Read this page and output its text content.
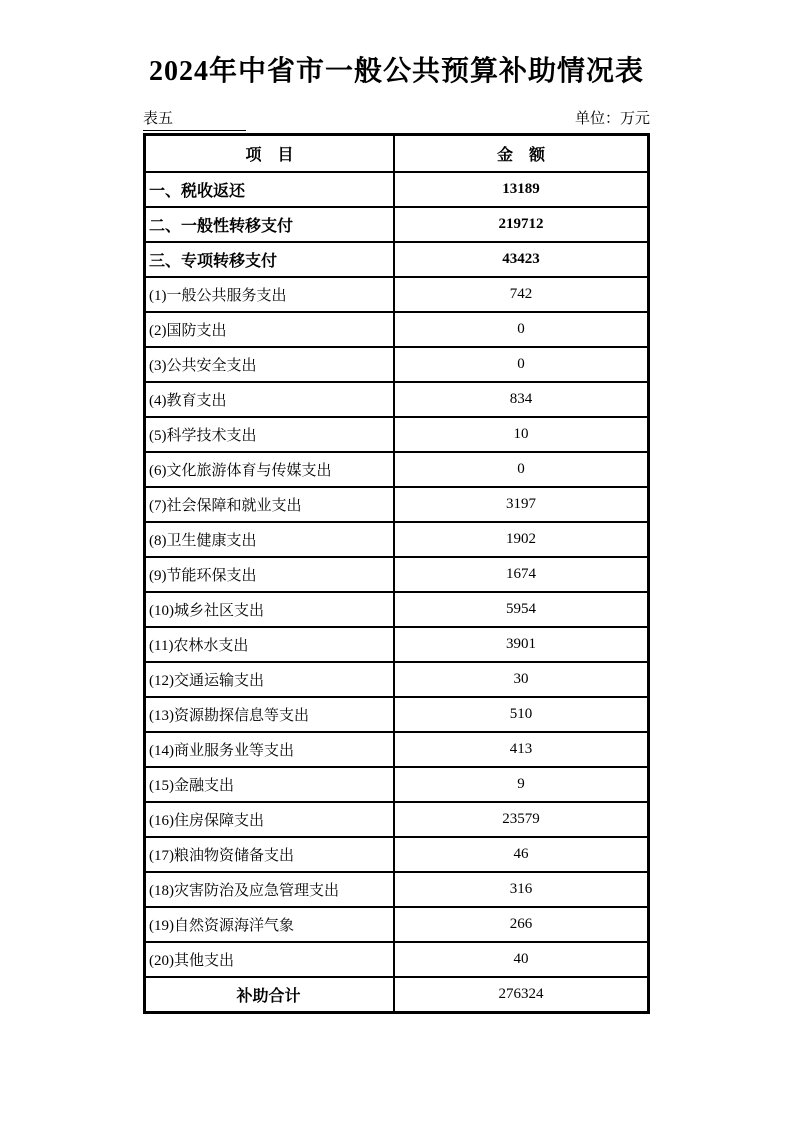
2024年中省市一般公共预算补助情况表
表五	单位：万元
项　目	金　额
一、税收返还	13189
二、一般性转移支付	219712
三、专项转移支付	43423
(1)一般公共服务支出	742
(2)国防支出	0
(3)公共安全支出	0
(4)教育支出	834
(5)科学技术支出	10
(6)文化旅游体育与传媒支出	0
(7)社会保障和就业支出	3197
(8)卫生健康支出	1902
(9)节能环保支出	1674
(10)城乡社区支出	5954
(11)农林水支出	3901
(12)交通运输支出	30
(13)资源勘探信息等支出	510
(14)商业服务业等支出	413
(15)金融支出	9
(16)住房保障支出	23579
(17)粮油物资储备支出	46
(18)灾害防治及应急管理支出	316
(19)自然资源海洋气象	266
(20)其他支出	40
补助合计	276324
